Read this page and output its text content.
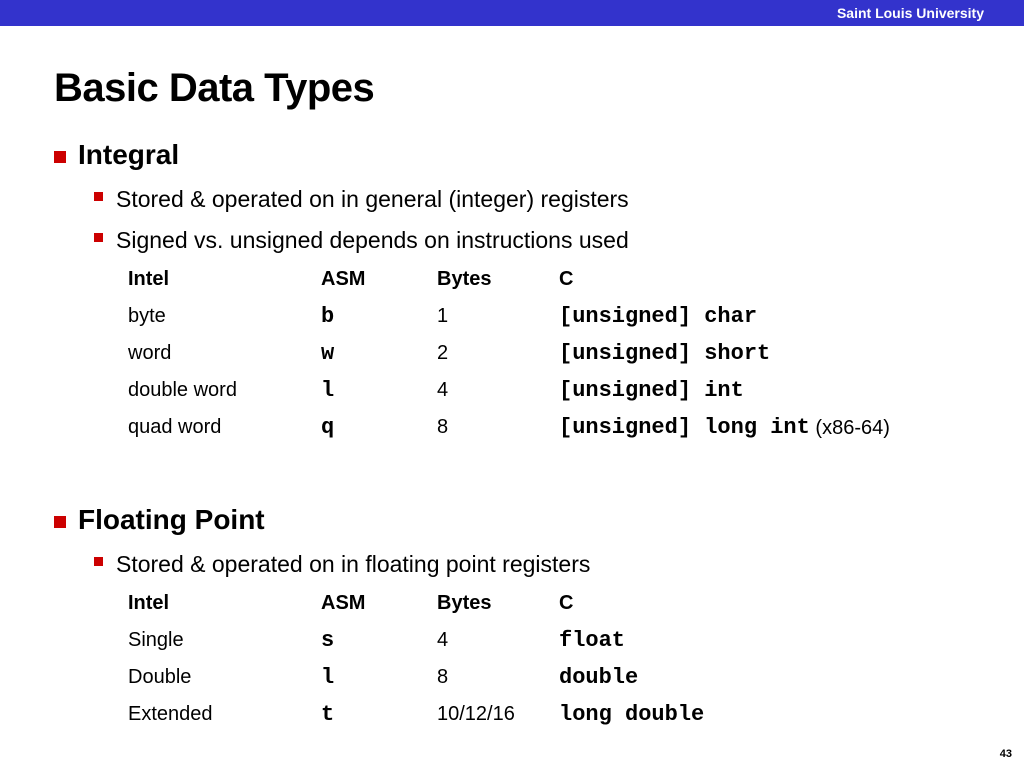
Saint Louis University
Basic Data Types
Integral
Stored & operated on in general (integer) registers
Signed vs. unsigned depends on instructions used
Intel	ASM	Bytes	C
byte	b	1	[unsigned] char
word	w	2	[unsigned] short
double word	l	4	[unsigned] int
quad word	q	8	[unsigned] long int (x86-64)
Floating Point
Stored & operated on in floating point registers
Intel	ASM	Bytes	C
Single	s	4	float
Double	l	8	double
Extended	t	10/12/16 long double
43
